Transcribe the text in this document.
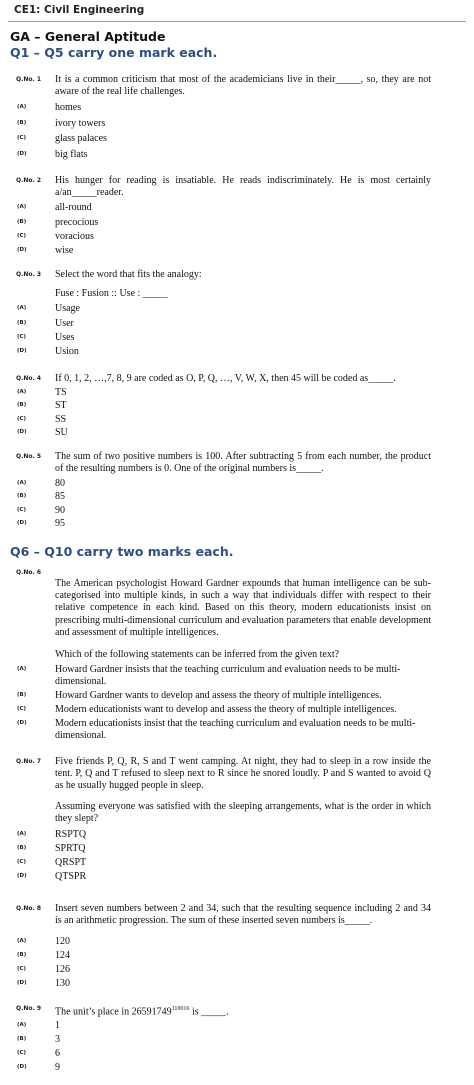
CE1: Civil Engineering
GA – General Aptitude
Q1 – Q5 carry one mark each.
Q.No. 1 It is a common criticism that most of the academicians live in their_____, so, they are not aware of the real life challenges.
(A)	homes
(B)	ivory towers
(C)	glass palaces
(D)	big flats
Q.No. 2 His hunger for reading is insatiable. He reads indiscriminately. He is most certainly a/an_____reader.
(A)	all-round
(B)	precocious
(C)	voracious
(D)	wise
Q.No. 3 Select the word that fits the analogy:
Fuse : Fusion :: Use : _____
(A)	Usage
(B)	User
(C)	Uses
(D)	Usion
Q.No. 4 If 0, 1, 2, …,7, 8, 9 are coded as O, P, Q, …, V, W, X, then 45 will be coded as_____.
(A)	TS
(B)	ST
(C)	SS
(D)	SU
Q.No. 5 The sum of two positive numbers is 100. After subtracting 5 from each number, the product of the resulting numbers is 0. One of the original numbers is_____.
(A)	80
(B)	85
(C)	90
(D)	95
Q6 – Q10 carry two marks each.
Q.No. 6
The American psychologist Howard Gardner expounds that human intelligence can be sub-categorised into multiple kinds, in such a way that individuals differ with respect to their relative competence in each kind. Based on this theory, modern educationists insist on prescribing multi-dimensional curriculum and evaluation parameters that enable development and assessment of multiple intelligences.
Which of the following statements can be inferred from the given text?
(A)	Howard Gardner insists that the teaching curriculum and evaluation needs to be multi-dimensional.
(B)	Howard Gardner wants to develop and assess the theory of multiple intelligences.
(C)	Modern educationists want to develop and assess the theory of multiple intelligences.
(D)	Modern educationists insist that the teaching curriculum and evaluation needs to be multi-dimensional.
Q.No. 7 Five friends P, Q, R, S and T went camping. At night, they had to sleep in a row inside the tent. P, Q and T refused to sleep next to R since he snored loudly. P and S wanted to avoid Q as he usually hugged people in sleep.
Assuming everyone was satisfied with the sleeping arrangements, what is the order in which they slept?
(A)	RSPTQ
(B)	SPRTQ
(C)	QRSPT
(D)	QTSPR
Q.No. 8 Insert seven numbers between 2 and 34, such that the resulting sequence including 2 and 34 is an arithmetic progression. The sum of these inserted seven numbers is_____.
(A)	120
(B)	124
(C)	126
(D)	130
Q.No. 9 The unit’s place in $26591749^{110016}$ is _____.
(A)	1
(B)	3
(C)	6
(D)	9
